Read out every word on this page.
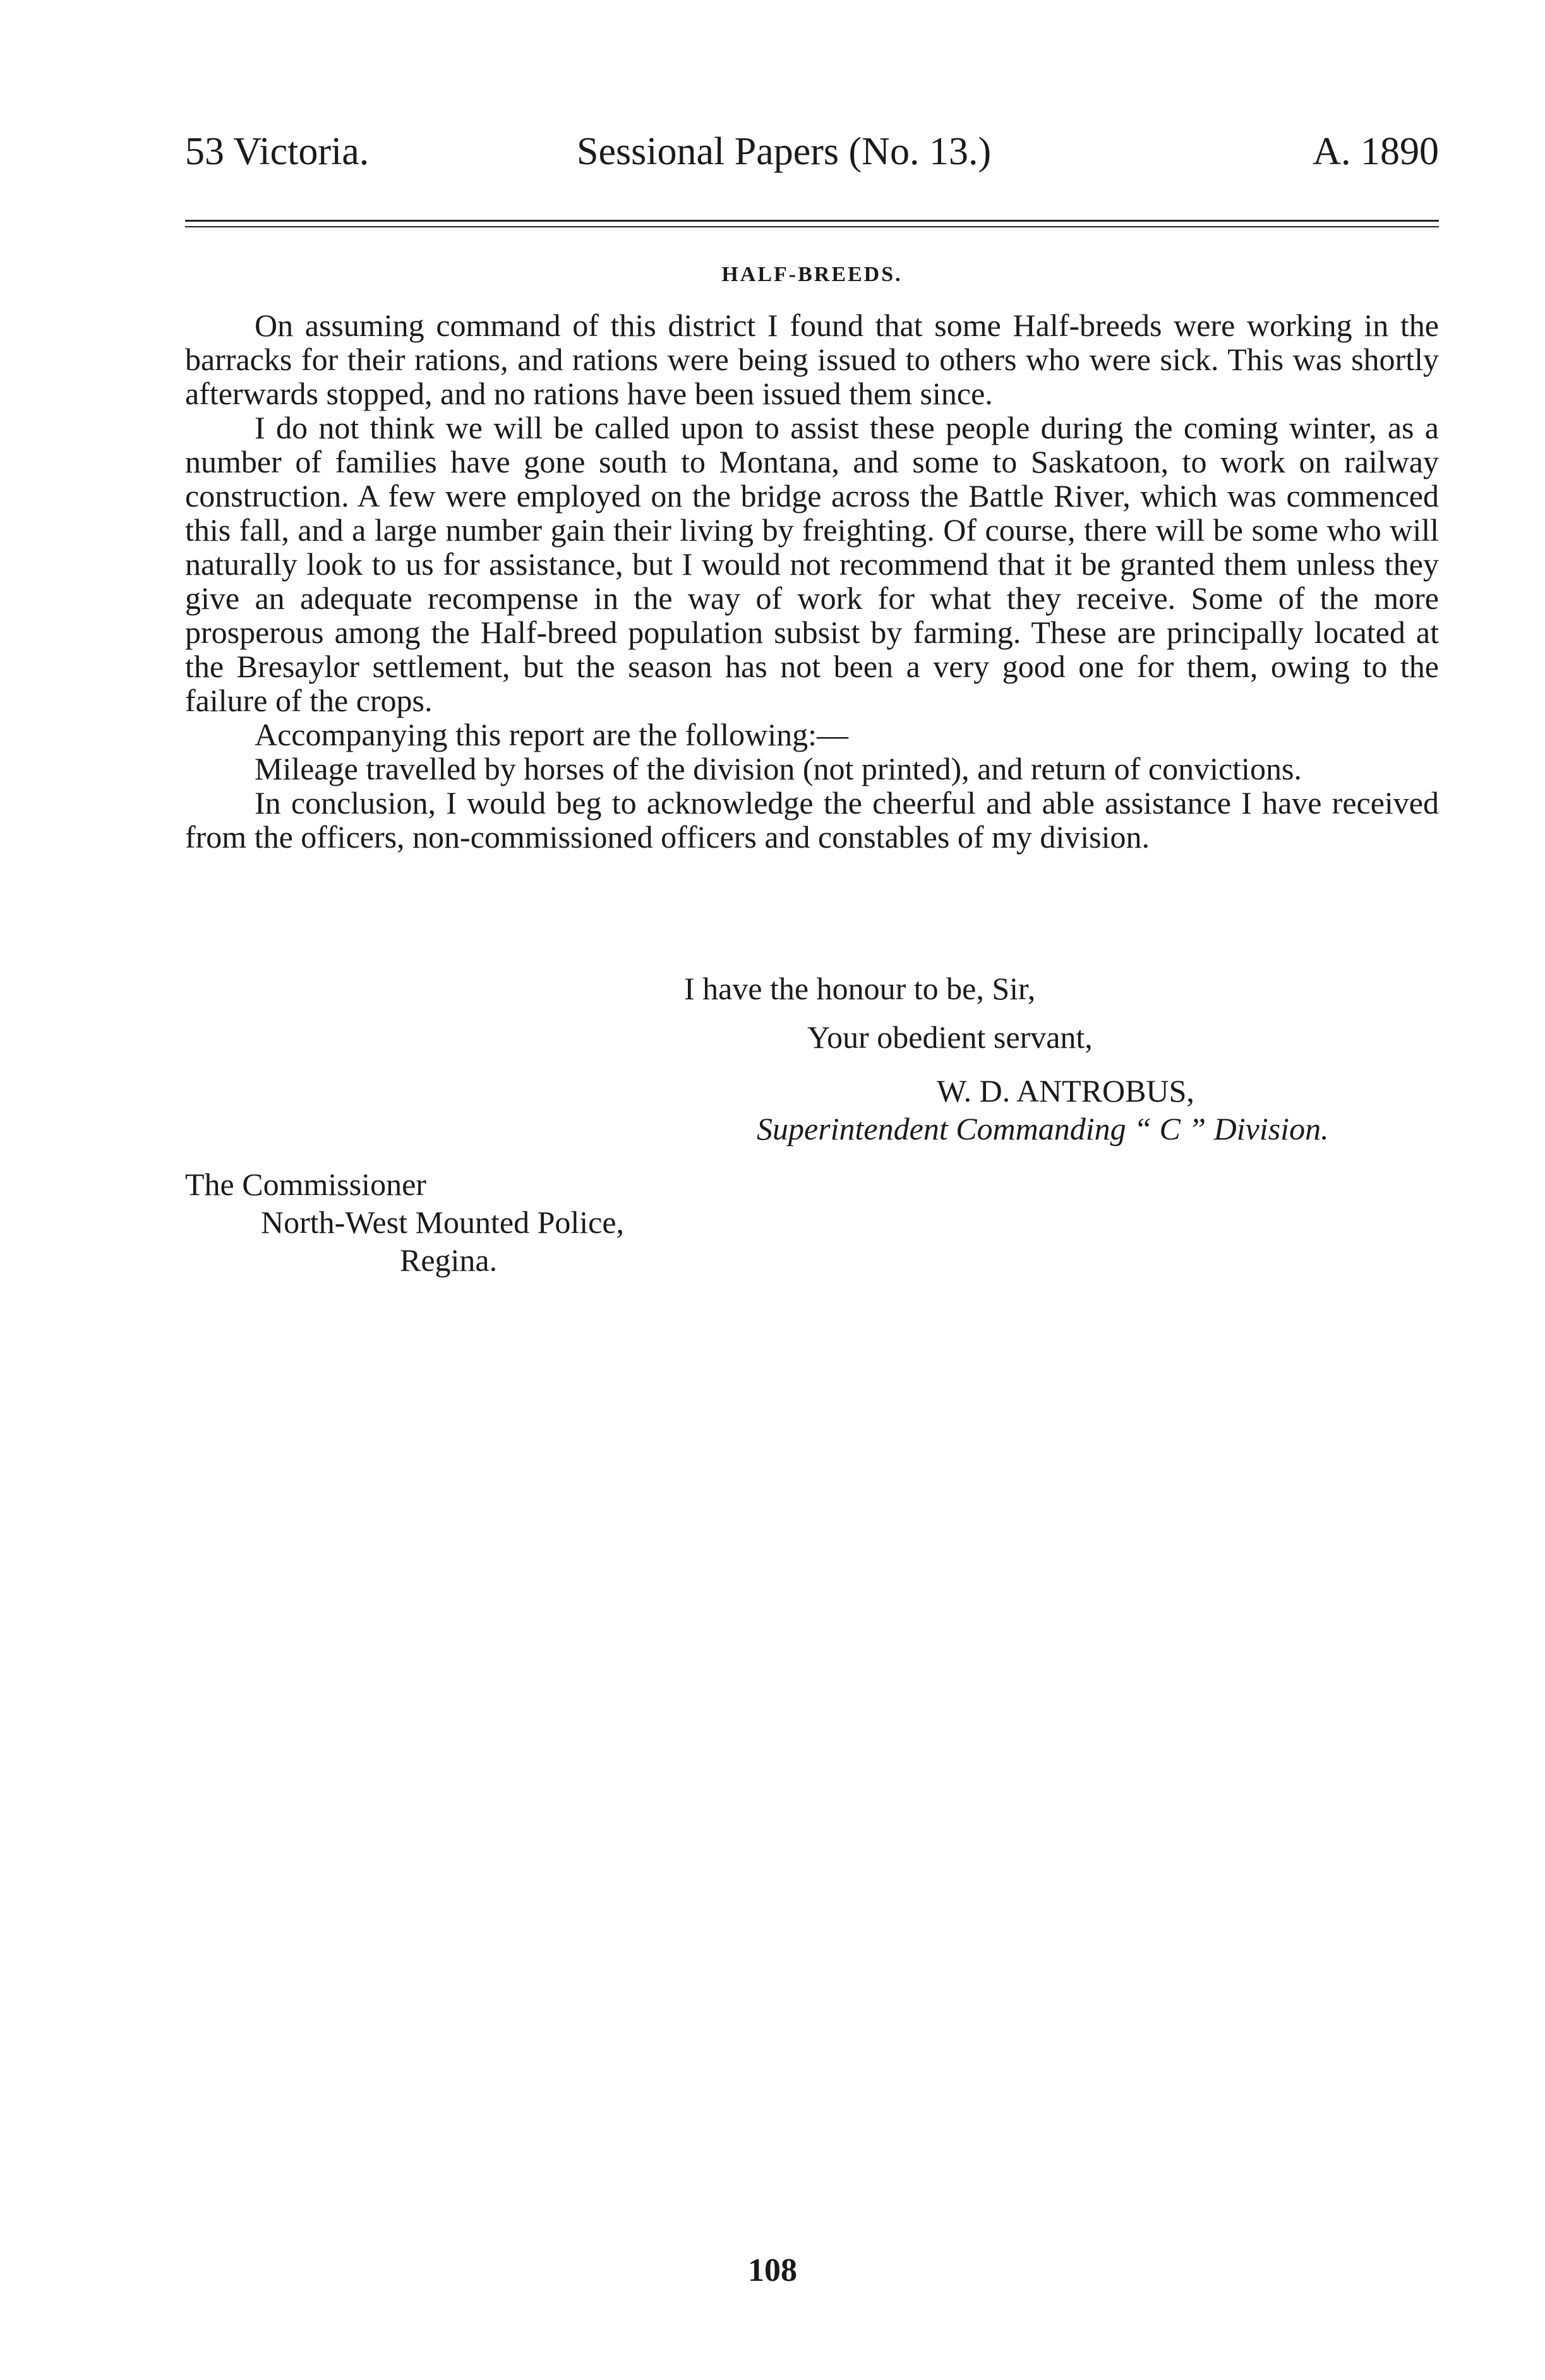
53 Victoria.	Sessional Papers (No. 13.)	A. 1890
HALF-BREEDS.

On assuming command of this district I found that some Half-breeds were working in the barracks for their rations, and rations were being issued to others who were sick. This was shortly afterwards stopped, and no rations have been issued them since.

I do not think we will be called upon to assist these people during the coming winter, as a number of families have gone south to Montana, and some to Saskatoon, to work on railway construction. A few were employed on the bridge across the Battle River, which was commenced this fall, and a large number gain their living by freighting. Of course, there will be some who will naturally look to us for assistance, but I would not recommend that it be granted them unless they give an adequate recompense in the way of work for what they receive. Some of the more prosperous among the Half-breed population subsist by farming. These are principally located at the Bresaylor settlement, but the season has not been a very good one for them, owing to the failure of the crops.

Accompanying this report are the following:—

Mileage travelled by horses of the division (not printed), and return of convictions.

In conclusion, I would beg to acknowledge the cheerful and able assistance I have received from the officers, non-commissioned officers and constables of my division.

I have the honour to be, Sir,
Your obedient servant,
W. D. ANTROBUS,
Superintendent Commanding “ C ” Division.
The Commissioner
North-West Mounted Police,
Regina.
108
